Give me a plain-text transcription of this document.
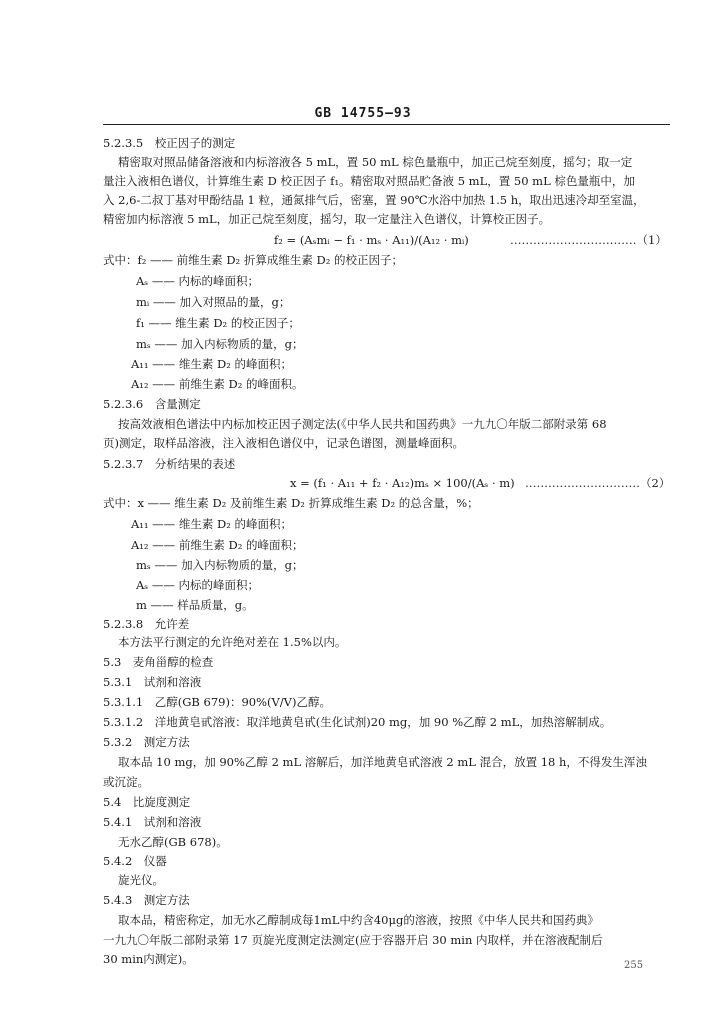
GB 14755—93
5.2.3.5　校正因子的测定
精密取对照品储备溶液和内标溶液各 5 mL，置 50 mL 棕色量瓶中，加正己烷至刻度，摇匀；取一定
量注入液相色谱仪，计算维生素 D 校正因子 f₁。精密取对照品贮备液 5 mL，置 50 mL 棕色量瓶中，加
入 2,6-二叔丁基对甲酚结晶 1 粒，通氮排气后，密塞，置 90℃水浴中加热 1.5 h，取出迅速冷却至室温，
精密加内标溶液 5 mL，加正己烷至刻度，摇匀，取一定量注入色谱仪，计算校正因子。
f₂ = (Aₛmᵢ − f₁ · mₛ · A₁₁)/(A₁₂ · mᵢ)
式中：f₂ —— 前维生素 D₂ 折算成维生素 D₂ 的校正因子；
Aₛ —— 内标的峰面积；
mᵢ —— 加入对照品的量，g；
f₁ —— 维生素 D₂ 的校正因子；
mₛ —— 加入内标物质的量，g；
A₁₁ —— 维生素 D₂ 的峰面积；
A₁₂ —— 前维生素 D₂ 的峰面积。
5.2.3.6　含量测定
按高效液相色谱法中内标加校正因子测定法(《中华人民共和国药典》一九九〇年版二部附录第 68
页)测定，取样品溶液，注入液相色谱仪中，记录色谱图，测量峰面积。
5.2.3.7　分析结果的表述
x = (f₁ · A₁₁ + f₂ · A₁₂)mₛ × 100/(Aₛ · m)
式中：x —— 维生素 D₂ 及前维生素 D₂ 折算成维生素 D₂ 的总含量，%；
A₁₁ —— 维生素 D₂ 的峰面积；
A₁₂ —— 前维生素 D₂ 的峰面积；
mₛ —— 加入内标物质的量，g；
Aₛ —— 内标的峰面积；
m —— 样品质量，g。
5.2.3.8　允许差
本方法平行测定的允许绝对差在 1.5%以内。
5.3　麦角甾醇的检查
5.3.1　试剂和溶液
5.3.1.1　乙醇(GB 679)：90%(V/V)乙醇。
5.3.1.2　洋地黄皂甙溶液：取洋地黄皂甙(生化试剂)20 mg，加 90 %乙醇 2 mL，加热溶解制成。
5.3.2　测定方法
取本品 10 mg，加 90%乙醇 2 mL 溶解后，加洋地黄皂甙溶液 2 mL 混合，放置 18 h，不得发生浑浊
或沉淀。
5.4　比旋度测定
5.4.1　试剂和溶液
无水乙醇(GB 678)。
5.4.2　仪器
旋光仪。
5.4.3　测定方法
取本品，精密称定，加无水乙醇制成每1mL中约含40μg的溶液，按照《中华人民共和国药典》
一九九〇年版二部附录第 17 页旋光度测定法测定(应于容器开启 30 min 内取样，并在溶液配制后
30 min内测定)。
……………………………（1）
…………………………（2）
255
